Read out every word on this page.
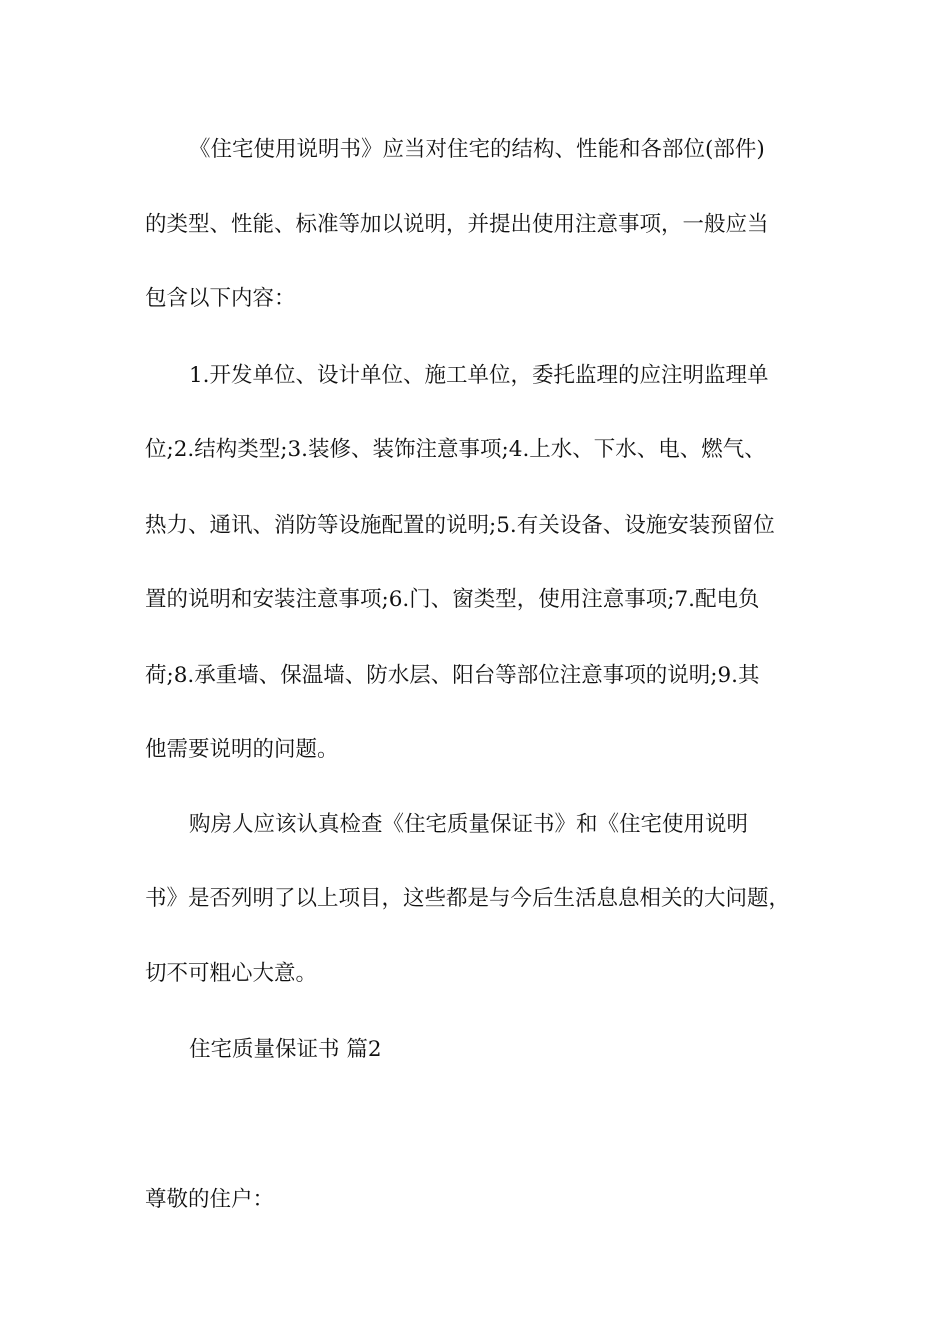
《住宅使用说明书》应当对住宅的结构、性能和各部位(部件)
的类型、性能、标准等加以说明，并提出使用注意事项，一般应当
包含以下内容：
1.开发单位、设计单位、施工单位，委托监理的应注明监理单
位;2.结构类型;3.装修、装饰注意事项;4.上水、下水、电、燃气、
热力、通讯、消防等设施配置的说明;5.有关设备、设施安装预留位
置的说明和安装注意事项;6.门、窗类型，使用注意事项;7.配电负
荷;8.承重墙、保温墙、防水层、阳台等部位注意事项的说明;9.其
他需要说明的问题。
购房人应该认真检查《住宅质量保证书》和《住宅使用说明
书》是否列明了以上项目，这些都是与今后生活息息相关的大问题，
切不可粗心大意。
住宅质量保证书 篇2
尊敬的住户：
